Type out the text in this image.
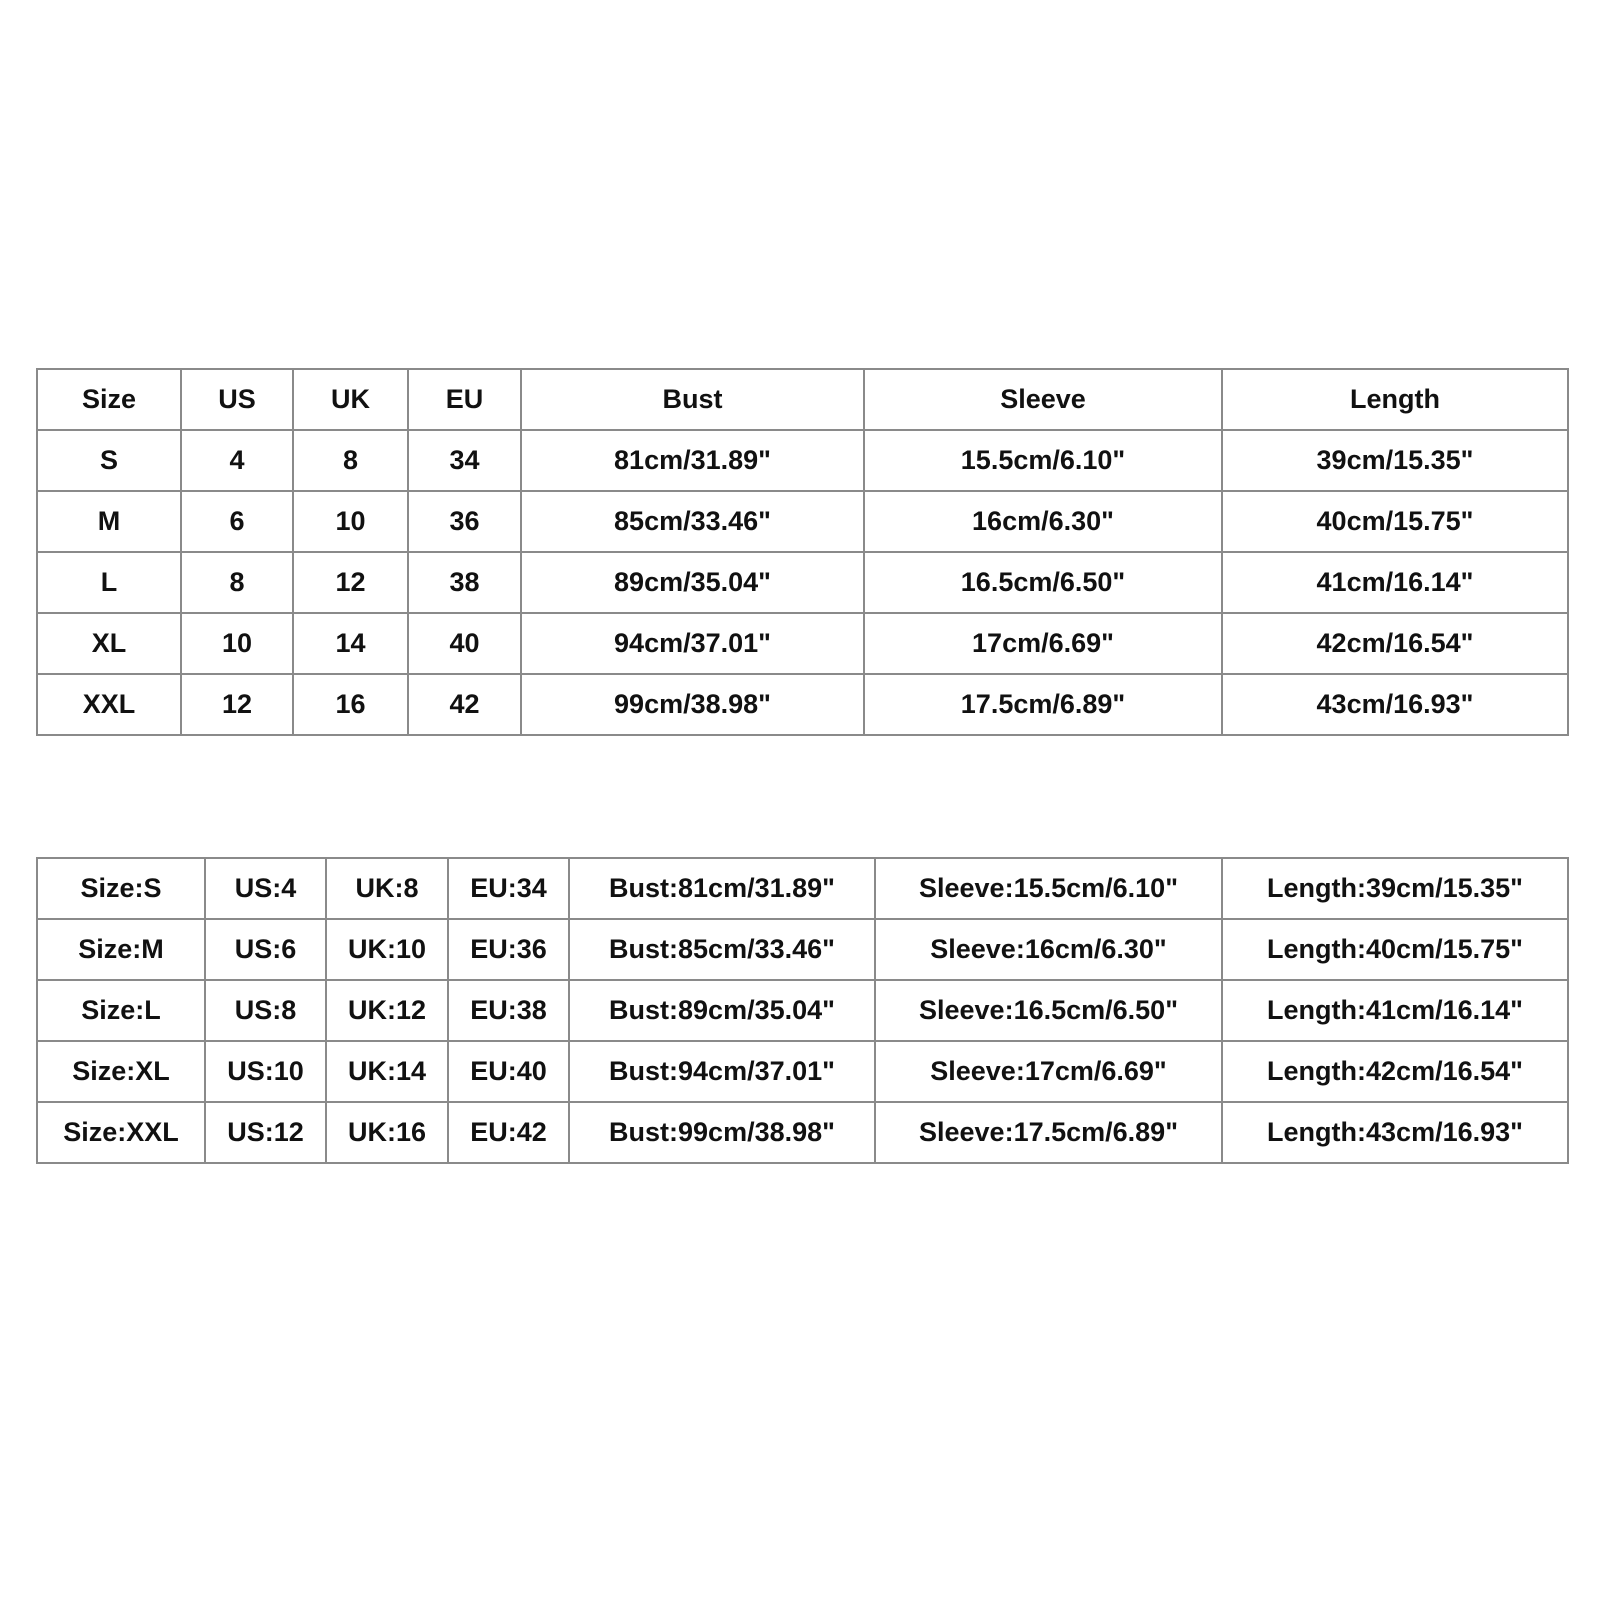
Size	US	UK	EU	Bust	Sleeve	Length
S	4	8	34	81cm/31.89"	15.5cm/6.10"	39cm/15.35"
M	6	10	36	85cm/33.46"	16cm/6.30"	40cm/15.75"
L	8	12	38	89cm/35.04"	16.5cm/6.50"	41cm/16.14"
XL	10	14	40	94cm/37.01"	17cm/6.69"	42cm/16.54"
XXL	12	16	42	99cm/38.98"	17.5cm/6.89"	43cm/16.93"
Size:S	US:4	UK:8	EU:34	Bust:81cm/31.89"	Sleeve:15.5cm/6.10"	Length:39cm/15.35"
Size:M	US:6	UK:10	EU:36	Bust:85cm/33.46"	Sleeve:16cm/6.30"	Length:40cm/15.75"
Size:L	US:8	UK:12	EU:38	Bust:89cm/35.04"	Sleeve:16.5cm/6.50"	Length:41cm/16.14"
Size:XL	US:10	UK:14	EU:40	Bust:94cm/37.01"	Sleeve:17cm/6.69"	Length:42cm/16.54"
Size:XXL	US:12	UK:16	EU:42	Bust:99cm/38.98"	Sleeve:17.5cm/6.89"	Length:43cm/16.93"
